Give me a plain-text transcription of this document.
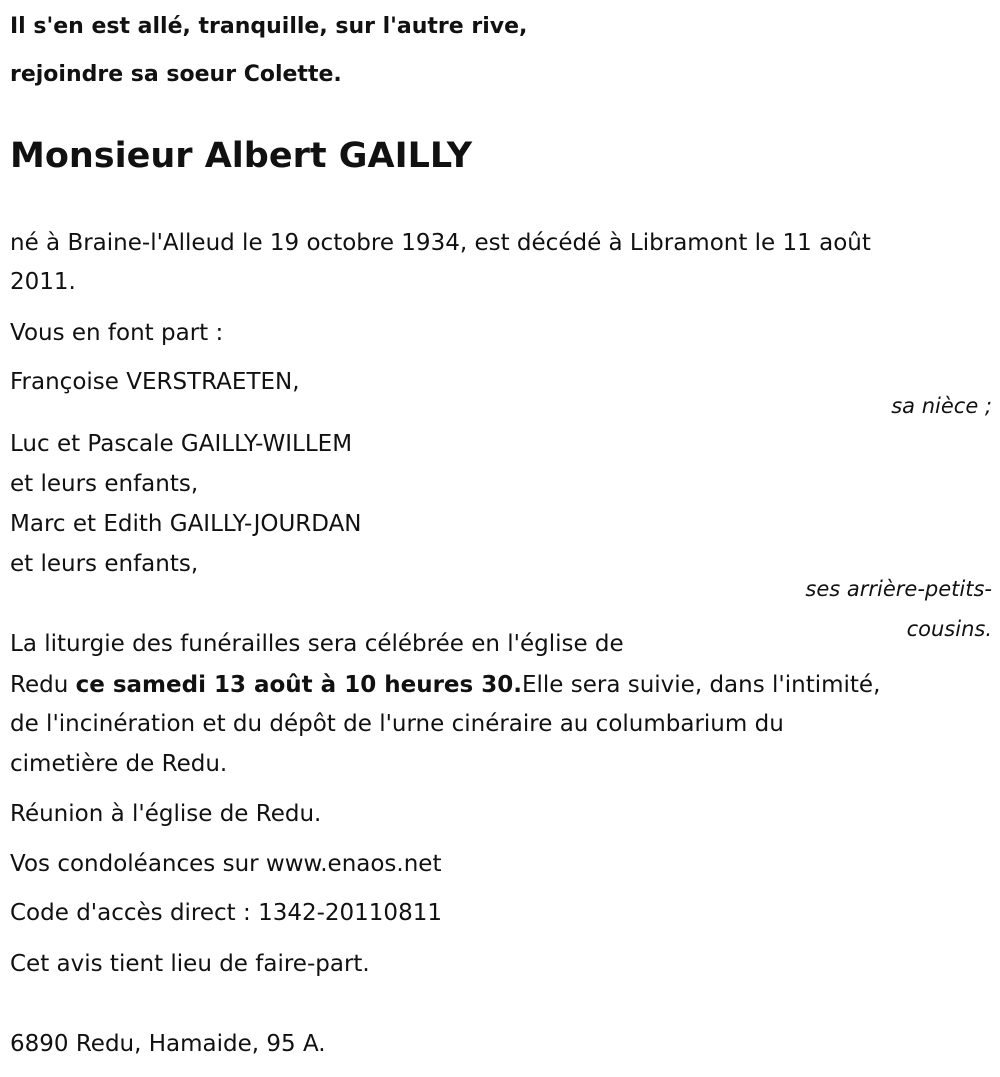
Il s'en est allé, tranquille, sur l'autre rive,
rejoindre sa soeur Colette.
Monsieur Albert GAILLY
né à Braine-l'Alleud le 19 octobre 1934, est décédé à Libramont le 11 août
2011.
Vous en font part :
Françoise VERSTRAETEN,
sa nièce ;
Luc et Pascale GAILLY-WILLEM
et leurs enfants,
Marc et Edith GAILLY-JOURDAN
et leurs enfants,
ses arrière-petits-
cousins.
La liturgie des funérailles sera célébrée en l'église de
Redu ce samedi 13 août à 10 heures 30.Elle sera suivie, dans l'intimité,
de l'incinération et du dépôt de l'urne cinéraire au columbarium du
cimetière de Redu.
Réunion à l'église de Redu.
Vos condoléances sur www.enaos.net
Code d'accès direct : 1342-20110811
Cet avis tient lieu de faire-part.
6890 Redu, Hamaide, 95 A.
